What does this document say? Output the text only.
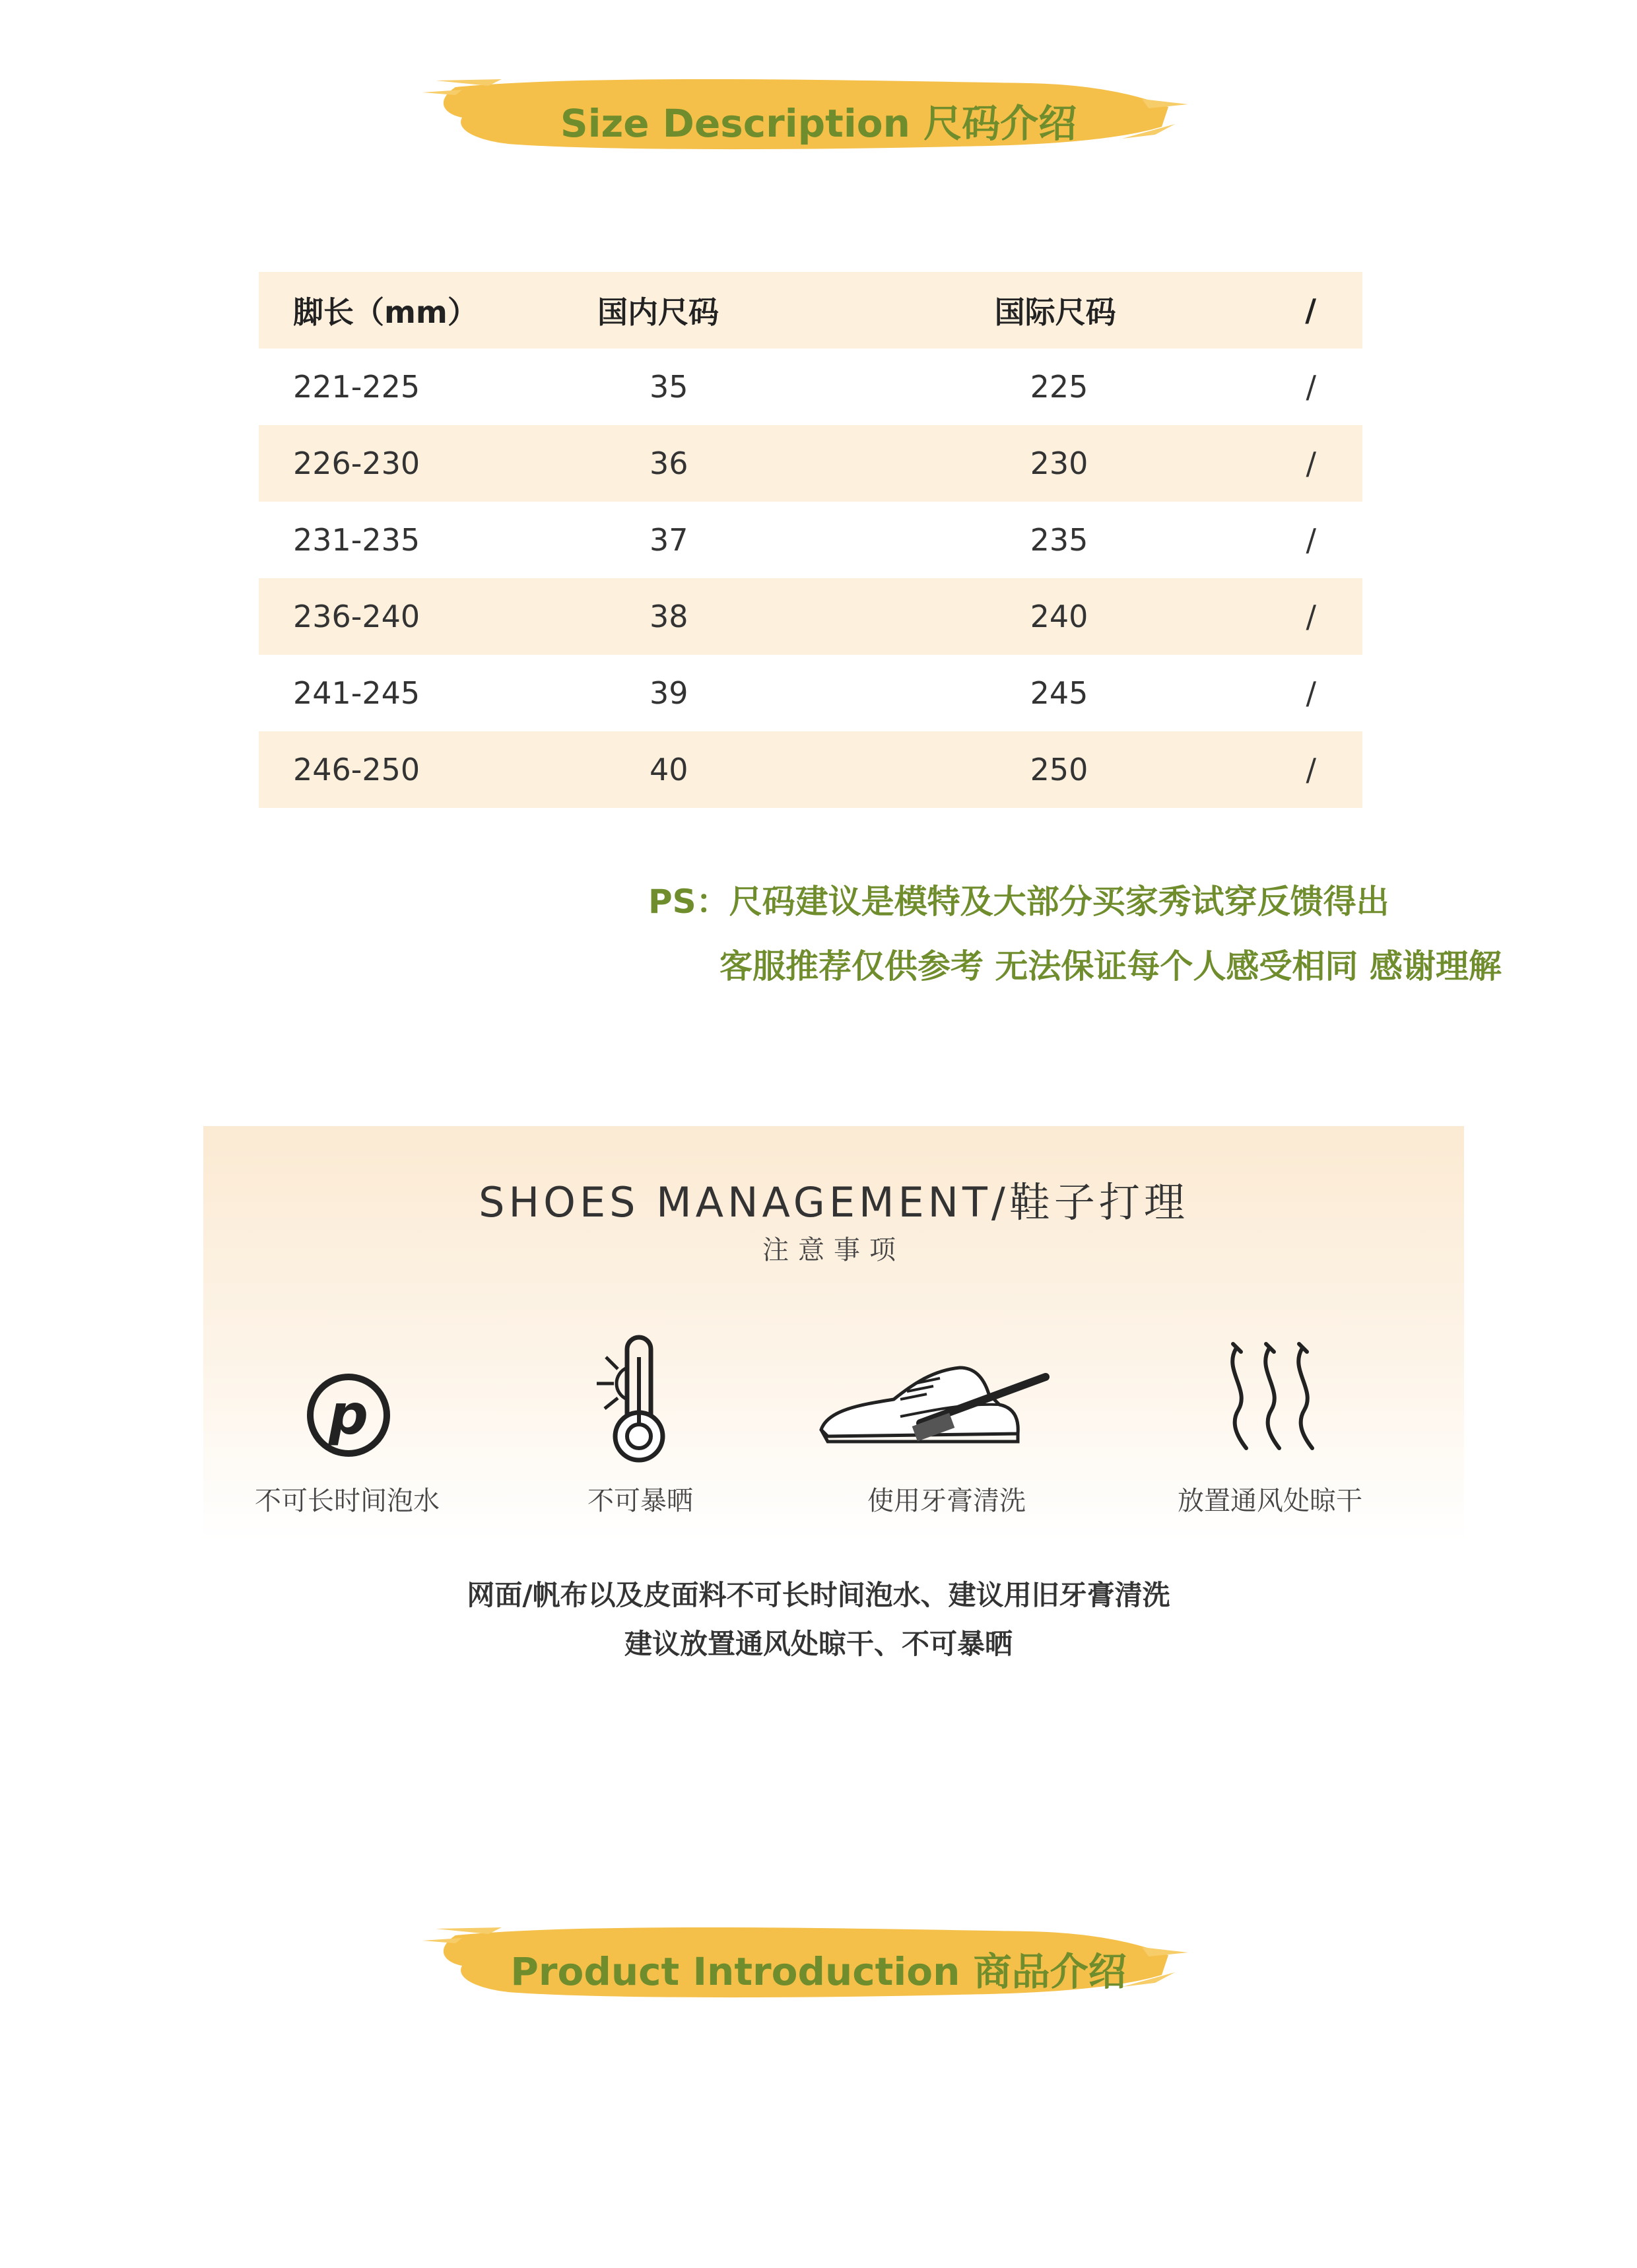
Size Description 尺码介绍
脚长（mm）	国内尺码	国际尺码	/
221-225	35	225	/
226-230	36	230	/
231-235	37	235	/
236-240	38	240	/
241-245	39	245	/
246-250	40	250	/
PS：尺码建议是模特及大部分买家秀试穿反馈得出
客服推荐仅供参考 无法保证每个人感受相同 感谢理解
SHOES MANAGEMENT/鞋子打理
注意事项
p
不可长时间泡水	不可暴晒	使用牙膏清洗	放置通风处晾干
网面/帆布以及皮面料不可长时间泡水、建议用旧牙膏清洗
建议放置通风处晾干、不可暴晒
Product Introduction 商品介绍
